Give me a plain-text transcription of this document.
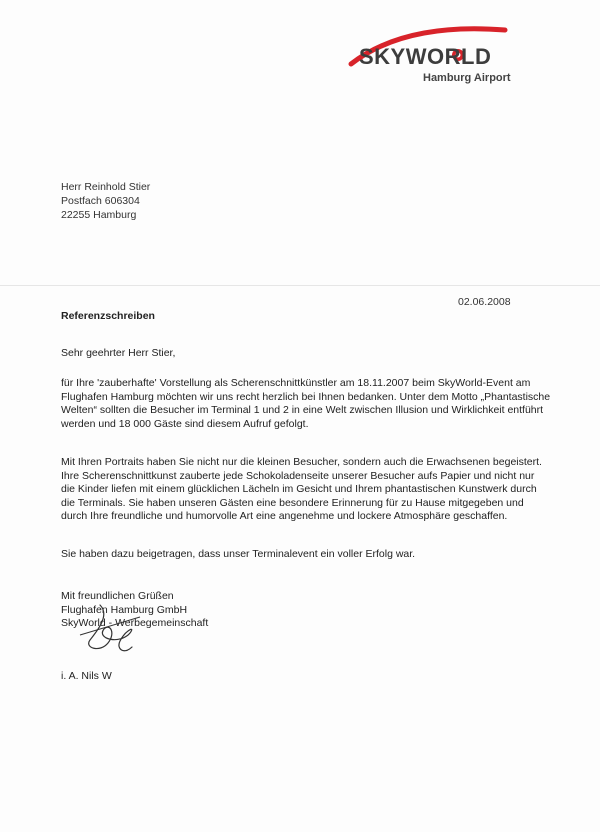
SKYWORLD
Hamburg Airport
Herr Reinhold Stier
Postfach 606304
22255 Hamburg
02.06.2008
Referenzschreiben

Sehr geehrter Herr Stier,

für Ihre 'zauberhafte' Vorstellung als Scherenschnittkünstler am 18.11.2007 beim SkyWorld-Event am Flughafen Hamburg möchten wir uns recht herzlich bei Ihnen bedanken. Unter dem Motto „Phantastische Welten“ sollten die Besucher im Terminal 1 und 2 in eine Welt zwischen Illusion und Wirklichkeit entführt werden und 18 000 Gäste sind diesem Aufruf gefolgt.

Mit Ihren Portraits haben Sie nicht nur die kleinen Besucher, sondern auch die Erwachsenen begeistert. Ihre Scherenschnittkunst zauberte jede Schokoladenseite unserer Besucher aufs Papier und nicht nur die Kinder liefen mit einem glücklichen Lächeln im Gesicht und Ihrem phantastischen Kunstwerk durch die Terminals. Sie haben unseren Gästen eine besondere Erinnerung für zu Hause mitgegeben und durch Ihre freundliche und humorvolle Art eine angenehme und lockere Atmosphäre geschaffen.

Sie haben dazu beigetragen, dass unser Terminalevent ein voller Erfolg war.

Mit freundlichen Grüßen
Flughafen Hamburg GmbH
SkyWorld - Werbegemeinschaft
i. A. Nils W
